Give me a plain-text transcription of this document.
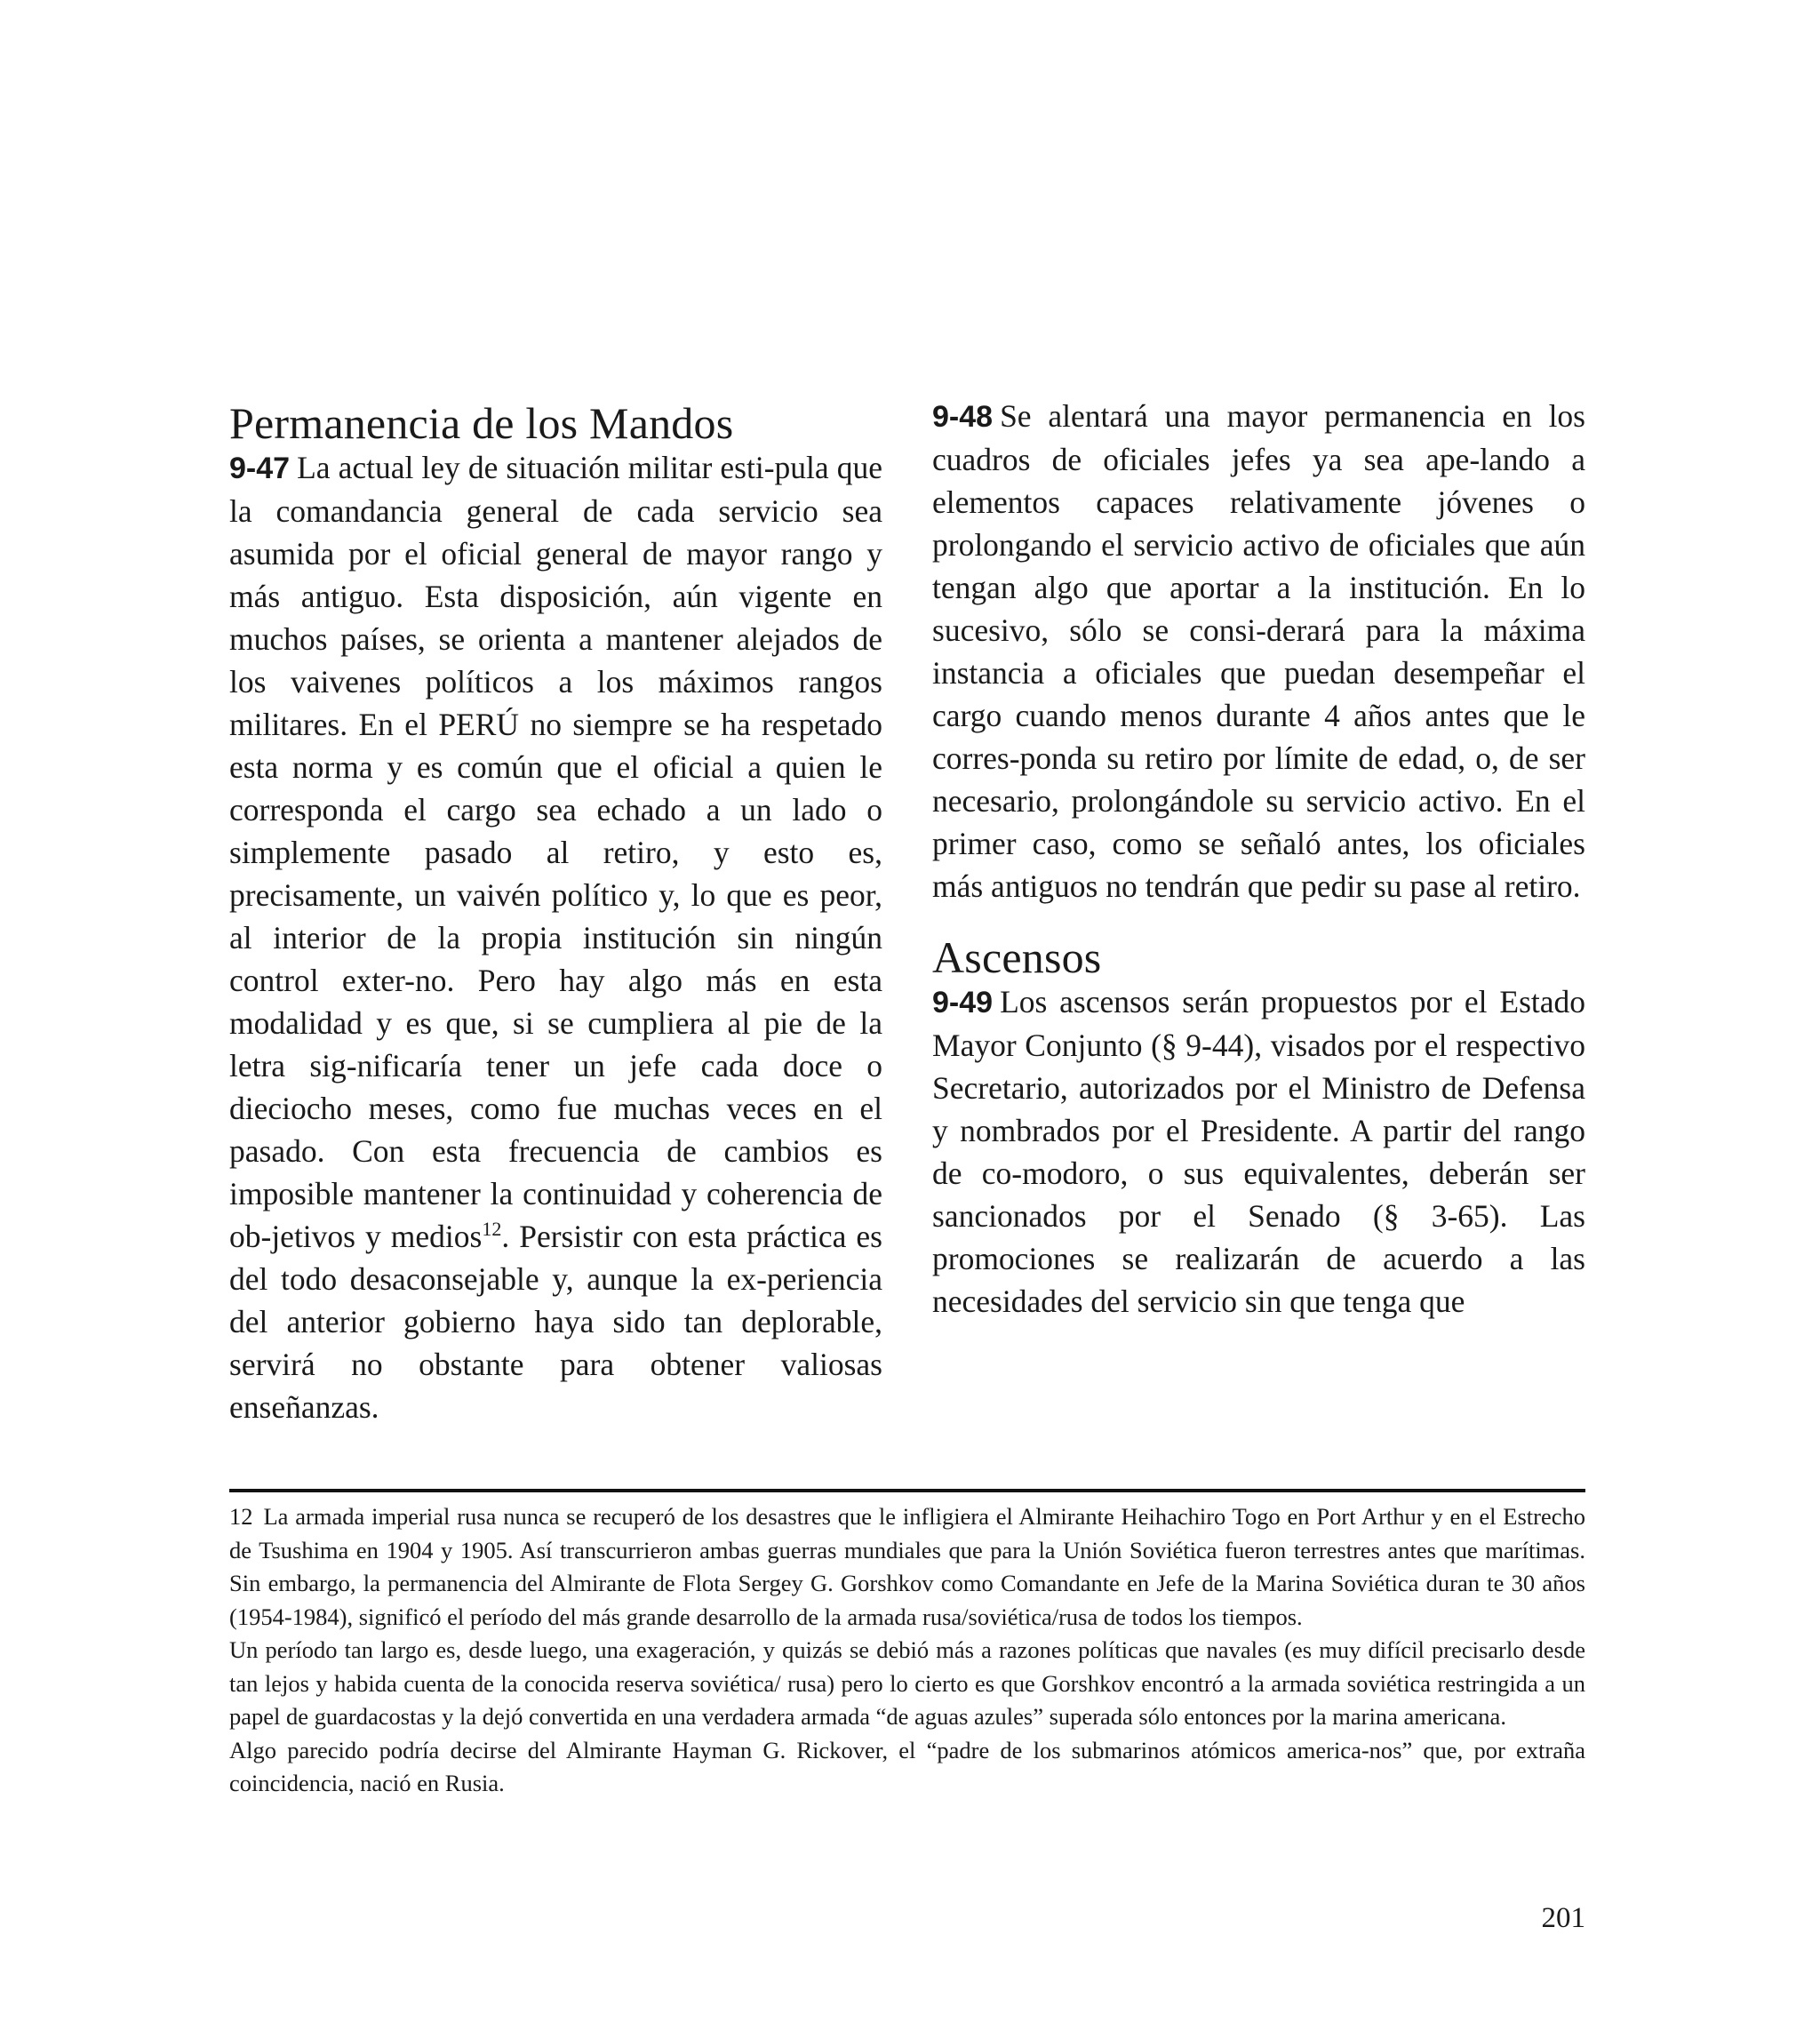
Permanencia de los Mandos

9-47 La actual ley de situación militar esti-pula que la comandancia general de cada servicio sea asumida por el oficial general de mayor rango y más antiguo. Esta disposición, aún vigente en muchos países, se orienta a mantener alejados de los vaivenes políticos a los máximos rangos militares. En el PERÚ no siempre se ha respetado esta norma y es común que el oficial a quien le corresponda el cargo sea echado a un lado o simplemente pasado al retiro, y esto es, precisamente, un vaivén político y, lo que es peor, al interior de la propia institución sin ningún control exter-no. Pero hay algo más en esta modalidad y es que, si se cumpliera al pie de la letra sig-nificaría tener un jefe cada doce o dieciocho meses, como fue muchas veces en el pasado. Con esta frecuencia de cambios es imposible mantener la continuidad y coherencia de ob-jetivos y medios$^{12}$. Persistir con esta práctica es del todo desaconsejable y, aunque la ex-periencia del anterior gobierno haya sido tan deplorable, servirá no obstante para obtener valiosas enseñanzas.

9-48 Se alentará una mayor permanencia en los cuadros de oficiales jefes ya sea ape-lando a elementos capaces relativamente jóvenes o prolongando el servicio activo de oficiales que aún tengan algo que aportar a la institución. En lo sucesivo, sólo se consi-derará para la máxima instancia a oficiales que puedan desempeñar el cargo cuando menos durante 4 años antes que le corres-ponda su retiro por límite de edad, o, de ser necesario, prolongándole su servicio activo. En el primer caso, como se señaló antes, los oficiales más antiguos no tendrán que pedir su pase al retiro.

Ascensos

9-49 Los ascensos serán propuestos por el Estado Mayor Conjunto (§ 9-44), visados por el respectivo Secretario, autorizados por el Ministro de Defensa y nombrados por el Presidente. A partir del rango de co-modoro, o sus equivalentes, deberán ser sancionados por el Senado (§ 3-65). Las promociones se realizarán de acuerdo a las necesidades del servicio sin que tenga que

12 La armada imperial rusa nunca se recuperó de los desastres que le infligiera el Almirante Heihachiro Togo en Port Arthur y en el Estrecho de Tsushima en 1904 y 1905. Así transcurrieron ambas guerras mundiales que para la Unión Soviética fueron terrestres antes que marítimas. Sin embargo, la permanencia del Almirante de Flota Sergey G. Gorshkov como Comandante en Jefe de la Marina Soviética duran te 30 años (1954-1984), significó el período del más grande desarrollo de la armada rusa/soviética/rusa de todos los tiempos.

Un período tan largo es, desde luego, una exageración, y quizás se debió más a razones políticas que navales (es muy difícil precisarlo desde tan lejos y habida cuenta de la conocida reserva soviética/ rusa) pero lo cierto es que Gorshkov encontró a la armada soviética restringida a un papel de guardacostas y la dejó convertida en una verdadera armada “de aguas azules” superada sólo entonces por la marina americana.

Algo parecido podría decirse del Almirante Hayman G. Rickover, el “padre de los submarinos atómicos america-nos” que, por extraña coincidencia, nació en Rusia.

201
